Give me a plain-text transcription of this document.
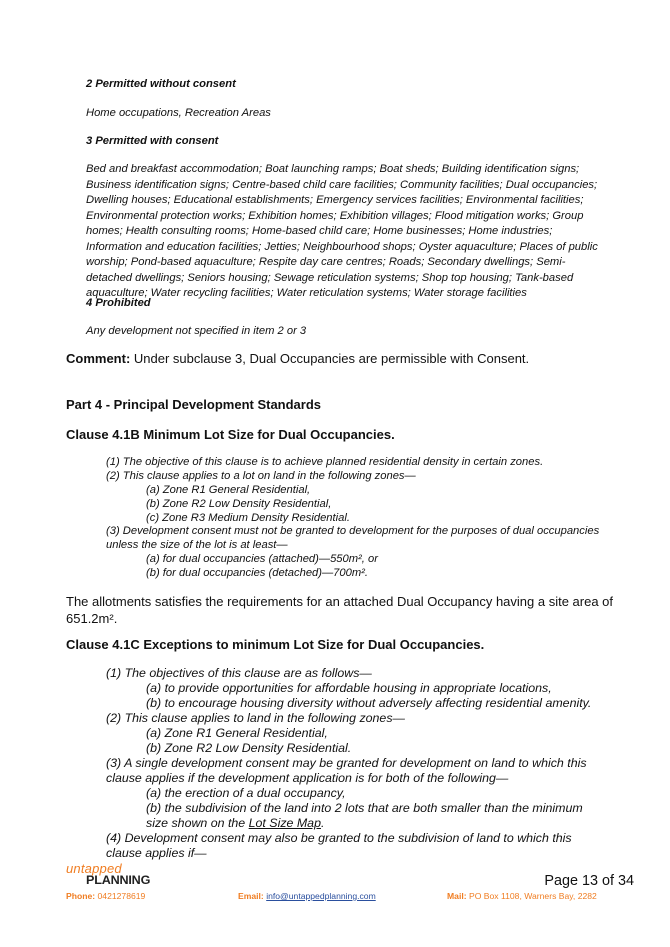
2 Permitted without consent
Home occupations, Recreation Areas
3 Permitted with consent
Bed and breakfast accommodation; Boat launching ramps; Boat sheds; Building identification signs;
Business identification signs; Centre-based child care facilities; Community facilities; Dual occupancies;
Dwelling houses; Educational establishments; Emergency services facilities; Environmental facilities;
Environmental protection works; Exhibition homes; Exhibition villages; Flood mitigation works; Group
homes; Health consulting rooms; Home-based child care; Home businesses; Home industries;
Information and education facilities; Jetties; Neighbourhood shops; Oyster aquaculture; Places of public
worship; Pond-based aquaculture; Respite day care centres; Roads; Secondary dwellings; Semi-
detached dwellings; Seniors housing; Sewage reticulation systems; Shop top housing; Tank-based
aquaculture; Water recycling facilities; Water reticulation systems; Water storage facilities
4 Prohibited
Any development not specified in item 2 or 3
Comment: Under subclause 3, Dual Occupancies are permissible with Consent.
Part 4 - Principal Development Standards
Clause 4.1B Minimum Lot Size for Dual Occupancies.
(1) The objective of this clause is to achieve planned residential density in certain zones.
(2) This clause applies to a lot on land in the following zones—
(a) Zone R1 General Residential,
(b) Zone R2 Low Density Residential,
(c) Zone R3 Medium Density Residential.
(3) Development consent must not be granted to development for the purposes of dual occupancies
unless the size of the lot is at least—
(a) for dual occupancies (attached)—550m², or
(b) for dual occupancies (detached)—700m².
The allotments satisfies the requirements for an attached Dual Occupancy having a site area of
651.2m².
Clause 4.1C Exceptions to minimum Lot Size for Dual Occupancies.
(1) The objectives of this clause are as follows—
(a) to provide opportunities for affordable housing in appropriate locations,
(b) to encourage housing diversity without adversely affecting residential amenity.
(2) This clause applies to land in the following zones—
(a) Zone R1 General Residential,
(b) Zone R2 Low Density Residential.
(3) A single development consent may be granted for development on land to which this
clause applies if the development application is for both of the following—
(a) the erection of a dual occupancy,
(b) the subdivision of the land into 2 lots that are both smaller than the minimum
size shown on the Lot Size Map.
(4) Development consent may also be granted to the subdivision of land to which this
clause applies if—
untapped
PLANNING	Page 13 of 34
Phone: 0421278619	Email: info@untappedplanning.com	Mail: PO Box 1108, Warners Bay, 2282
